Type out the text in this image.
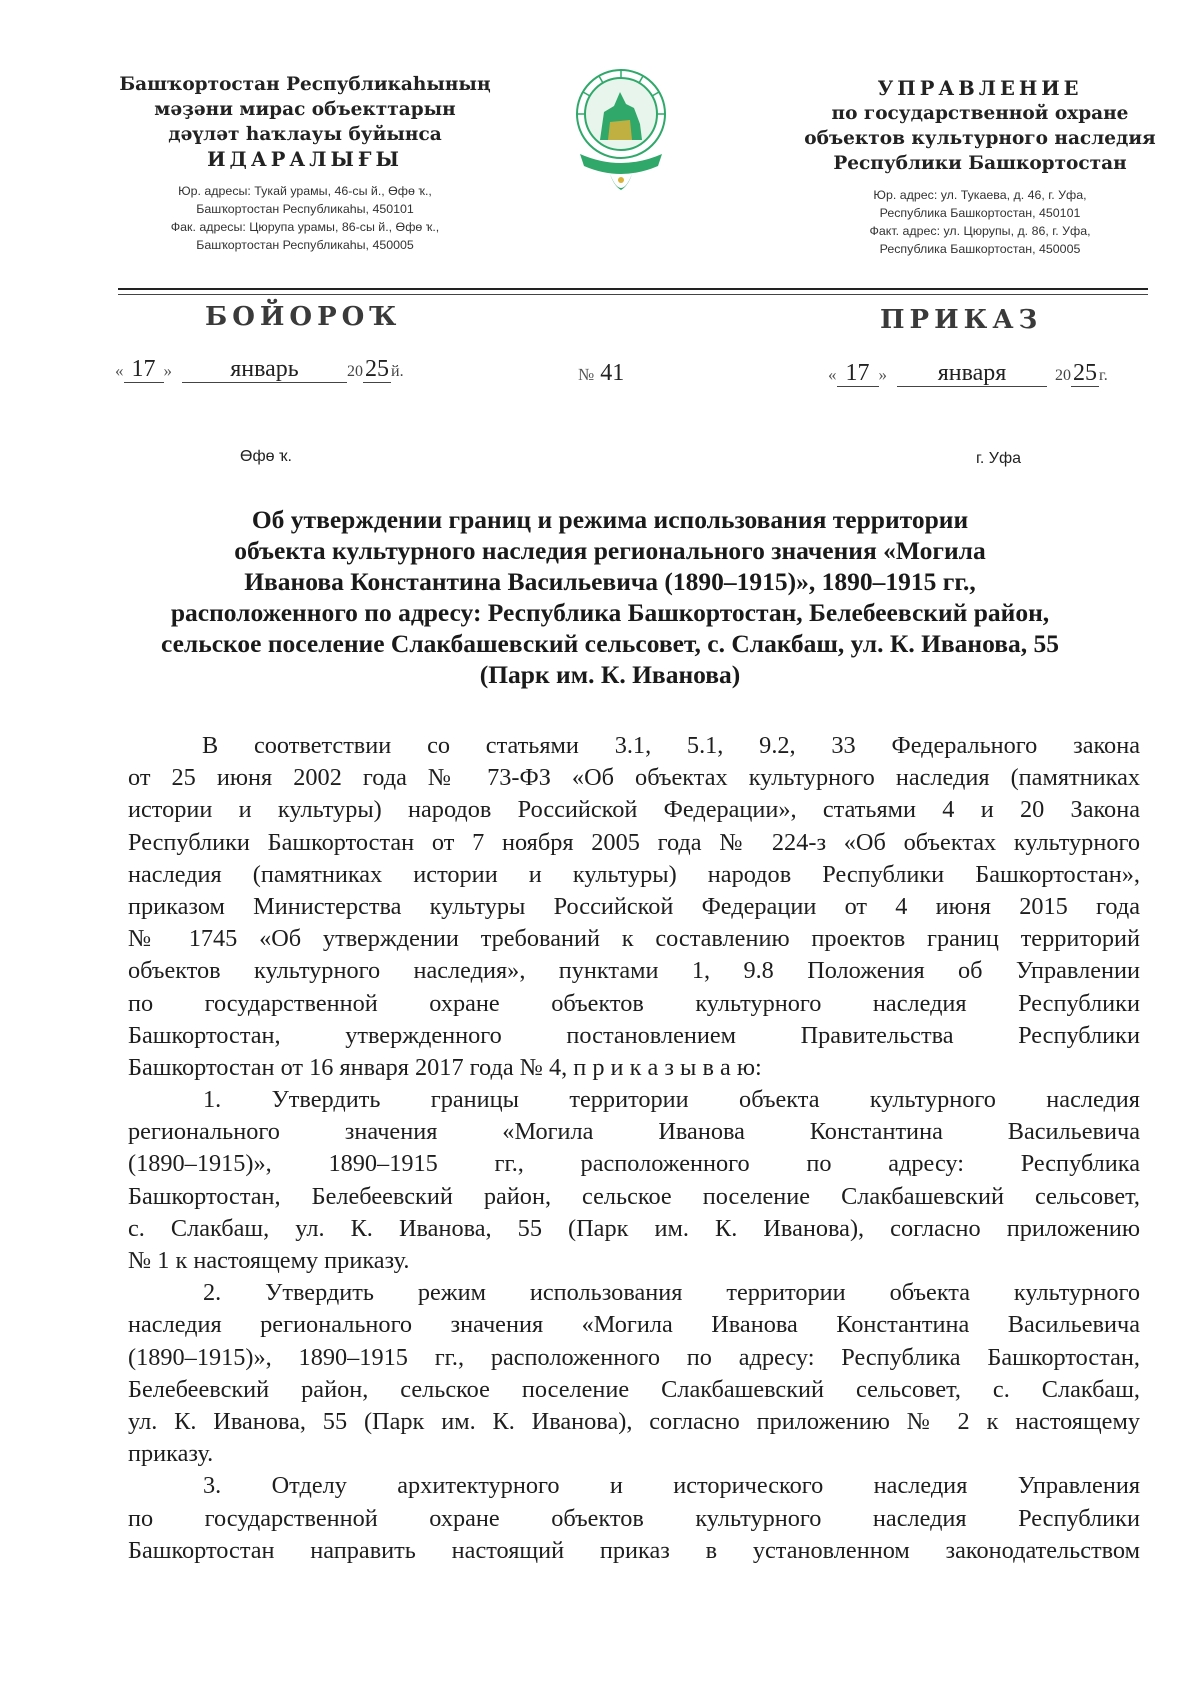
Башҡортостан Республикаһының
мәҙәни мирас объекттарын
дәүләт һаҡлауы буйынса
ИДАРАЛЫҒЫ
Юр. адресы: Тукай урамы, 46-сы й., Өфө ҡ.,
Башҡортостан Республикаһы, 450101
Фак. адресы: Цюрупа урамы, 86-сы й., Өфө ҡ.,
Башҡортостан Республикаһы, 450005
УПРАВЛЕНИЕ
по государственной охране
объектов культурного наследия
Республики Башкортостан
Юр. адрес: ул. Тукаева, д. 46, г. Уфа,
Республика Башкортостан, 450101
Факт. адрес: ул. Цюрупы, д. 86, г. Уфа,
Республика Башкортостан, 450005
БОЙОРОҠ	ПРИКАЗ
« 17 » январь	2025 й.	№ 41	« 17 » января	2025 г.
Өфө ҡ.	г. Уфа
Об утверждении границ и режима использования территории
объекта культурного наследия регионального значения «Могила
Иванова Константина Васильевича (1890–1915)», 1890–1915 гг.,
расположенного по адресу: Республика Башкортостан, Белебеевский район,
сельское поселение Слакбашевский сельсовет, с. Слакбаш, ул. К. Иванова, 55
(Парк им. К. Иванова)
В соответствии со статьями 3.1, 5.1, 9.2, 33 Федерального закона
от 25 июня 2002 года № 73-ФЗ «Об объектах культурного наследия (памятниках
истории и культуры) народов Российской Федерации», статьями 4 и 20 Закона
Республики Башкортостан от 7 ноября 2005 года № 224-з «Об объектах культурного
наследия (памятниках истории и культуры) народов Республики Башкортостан»,
приказом Министерства культуры Российской Федерации от 4 июня 2015 года
№ 1745 «Об утверждении требований к составлению проектов границ территорий
объектов культурного наследия», пунктами 1, 9.8 Положения об Управлении
по государственной охране объектов культурного наследия Республики
Башкортостан, утвержденного постановлением Правительства Республики
Башкортостан от 16 января 2017 года № 4, п р и к а з ы в а ю:
1. Утвердить границы территории объекта культурного наследия
регионального значения «Могила Иванова Константина Васильевича
(1890–1915)», 1890–1915 гг., расположенного по адресу: Республика
Башкортостан, Белебеевский район, сельское поселение Слакбашевский сельсовет,
с. Слакбаш, ул. К. Иванова, 55 (Парк им. К. Иванова), согласно приложению
№ 1 к настоящему приказу.
2. Утвердить режим использования территории объекта культурного
наследия регионального значения «Могила Иванова Константина Васильевича
(1890–1915)», 1890–1915 гг., расположенного по адресу: Республика Башкортостан,
Белебеевский район, сельское поселение Слакбашевский сельсовет, с. Слакбаш,
ул. К. Иванова, 55 (Парк им. К. Иванова), согласно приложению № 2 к настоящему
приказу.
3. Отделу архитектурного и исторического наследия Управления
по государственной охране объектов культурного наследия Республики
Башкортостан направить настоящий приказ в установленном законодательством
